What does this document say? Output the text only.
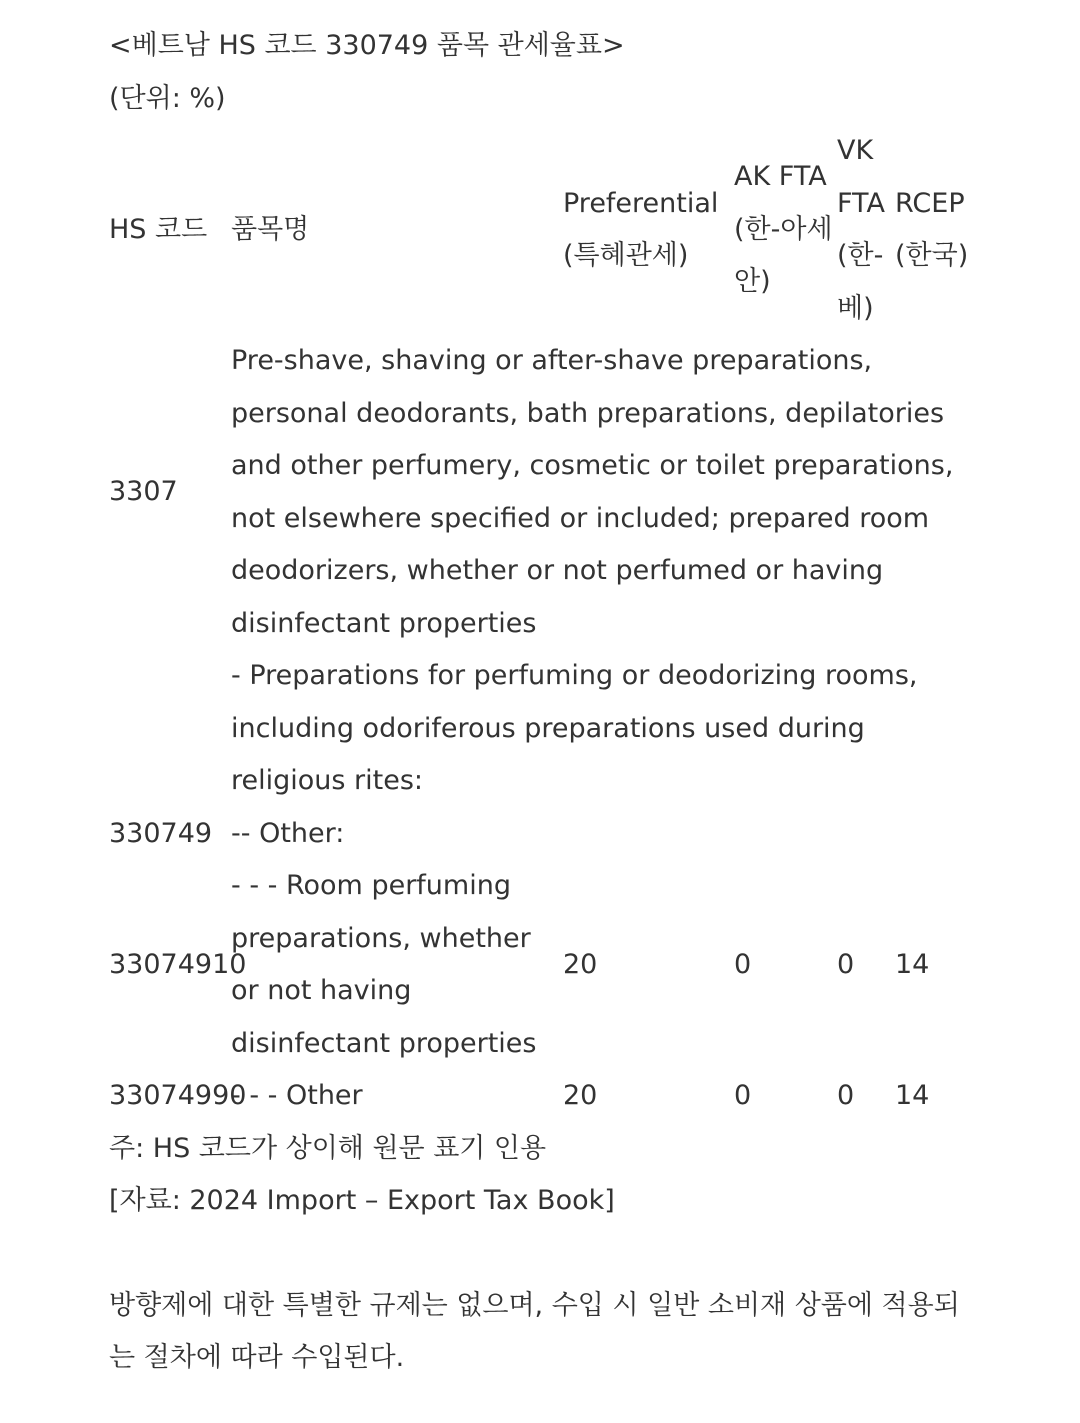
<베트남 HS 코드 330749 품목 관세율표>

(단위: %)

HS 코드	품목명	Preferential (특혜관세)	AK FTA (한-아세안)	VK FTA (한-베)	RCEP (한국)
3307	Pre-shave, shaving or after-shave preparations, personal deodorants, bath preparations, depilatories and other perfumery, cosmetic or toilet preparations, not elsewhere specified or included; prepared room deodorizers, whether or not perfumed or having disinfectant properties				
	- Preparations for perfuming or deodorizing rooms, including odoriferous preparations used during religious rites:				
330749	-- Other:				
33074910	- - - Room perfuming preparations, whether or not having disinfectant properties	20	0	0	14
33074990	- - - Other	20	0	0	14

주: HS 코드가 상이해 원문 표기 인용

[자료: 2024 Import – Export Tax Book]

방향제에 대한 특별한 규제는 없으며, 수입 시 일반 소비재 상품에 적용되는 절차에 따라 수입된다.
